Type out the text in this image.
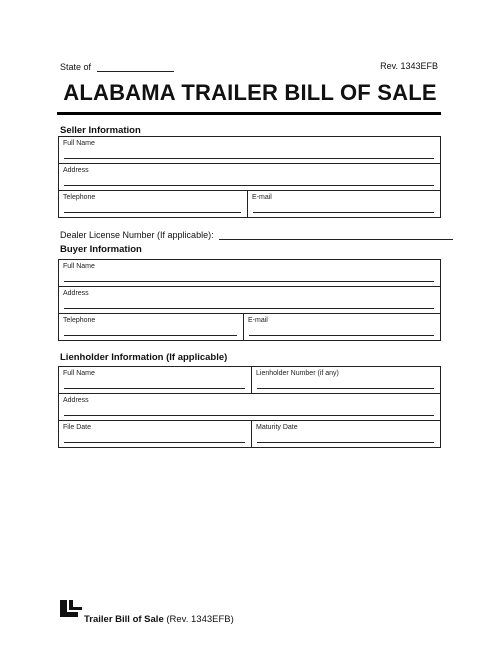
State of	Rev. 1343EFB
ALABAMA TRAILER BILL OF SALE
Seller Information
Full Name

Address

Telephone	E-mail
Dealer License Number (If applicable):
Buyer Information
Full Name

Address

Telephone	E-mail
Lienholder Information (If applicable)
Full Name	Lienholder Number (if any)

Address	

File Date	Maturity Date
Trailer Bill of Sale (Rev. 1343EFB)
